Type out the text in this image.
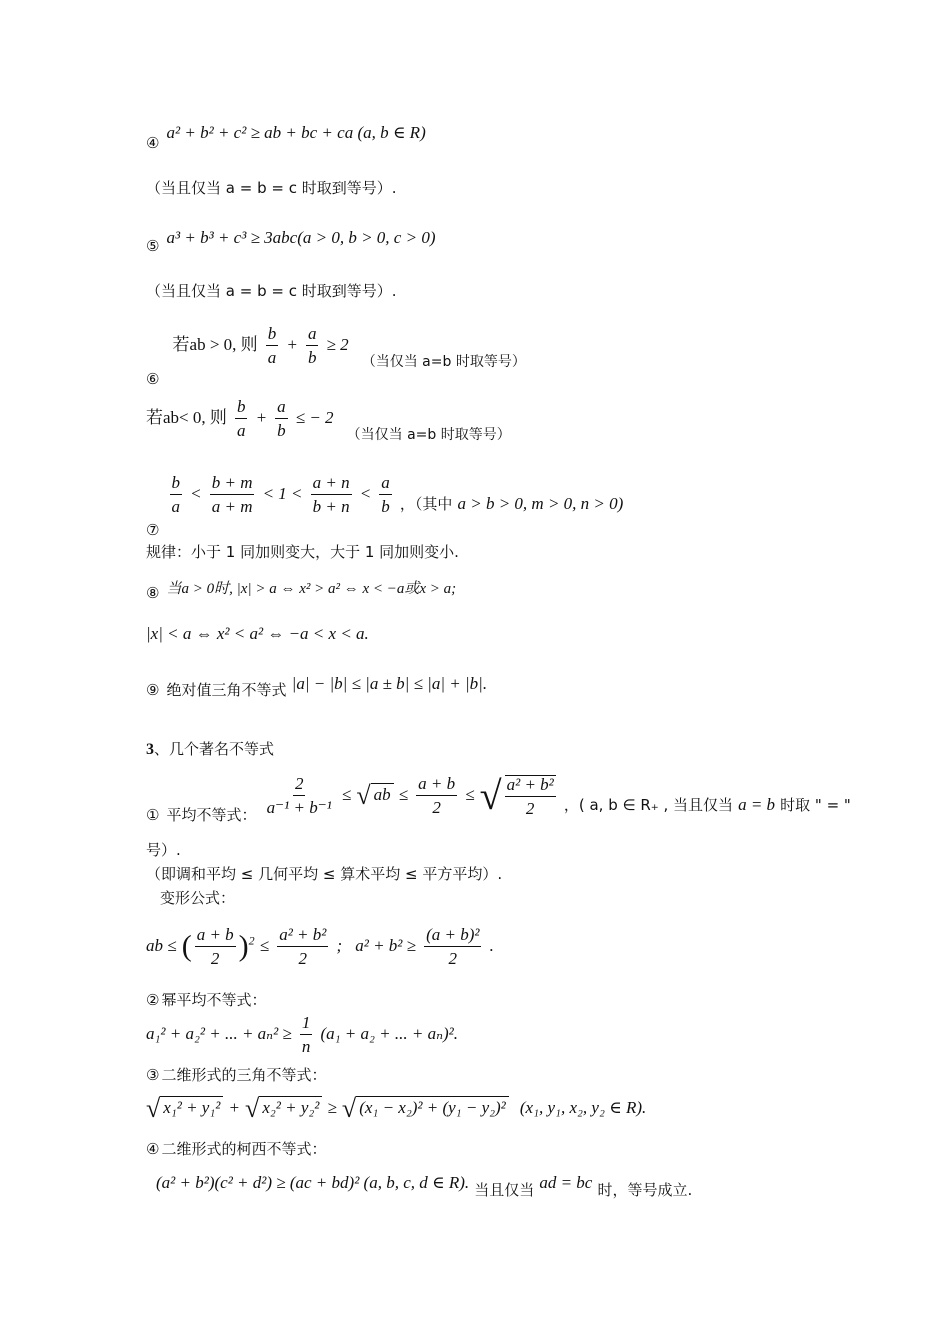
④ a² + b² + c² ≥ ab + bc + ca (a, b ∈ R)
（当且仅当 a = b = c 时取到等号）.
⑤ a³ + b³ + c³ ≥ 3abc(a > 0, b > 0, c > 0)
（当且仅当 a = b = c 时取到等号）.
⑥ 若ab > 0, 则 $\frac{b}{a} + \frac{a}{b} \ge 2$ （当仅当 a=b 时取等号）
若ab< 0, 则 $\frac{b}{a} + \frac{a}{b}$ ≤ − 2 （当仅当 a=b 时取等号）
⑦
$\frac{b}{a} < \frac{b + m}{a + m} < 1 < \frac{a + n}{b + n} < \frac{a}{b}$ ，（其中 a > b > 0, m > 0, n > 0)
规律：小于 1 同加则变大，大于 1 同加则变小.
⑧ 当a > 0时, |x| > a ⇔ x² > a² ⇔ x < −a或x > a;
|x| < a ⇔ x² < a² ⇔ −a < x < a.
⑨ 绝对值三角不等式 |a| − |b| ≤ |a ± b| ≤ |a| + |b|.
3、几个著名不等式
① 平均不等式： $\frac{2}{\text{a⁻¹ + b⁻¹}}$ ≤ √ ab ≤ $\frac{a + b}{2}$ ≤ √ $\frac{\text{a² + b²}}{2}$ ，( a, b ∈ R₊ , 当且仅当 a = b 时取 " = "
号）.
（即调和平均 ≤ 几何平均 ≤ 算术平均 ≤ 平方平均）.
变形公式：
ab ≤ ( $\frac{a + b}{2} )^2 \le \frac{\text{a² + b²}}{2}$ ; $a^2 + b^2 \ge \frac{\text{(a + b)²}}{2}$ .
② 幂平均不等式：
a₁² + a₂² + ... + $a_n^2 \ge \frac{1}{n} (a_1 + a_2$ + ... + aₙ)².
③ 二维形式的三角不等式：
√ x₁² + y₁² + √ x₂² + y₂² ≥ √ (x₁ − x₂)² + (y₁ − y₂)² (x₁, y₁, x₂, y₂ ∈ R).
④ 二维形式的柯西不等式：
(a² + b²)(c² + d²) ≥ (ac + bd)² (a, b, c, d ∈ R). 当且仅当 ad = bc 时，等号成立.
